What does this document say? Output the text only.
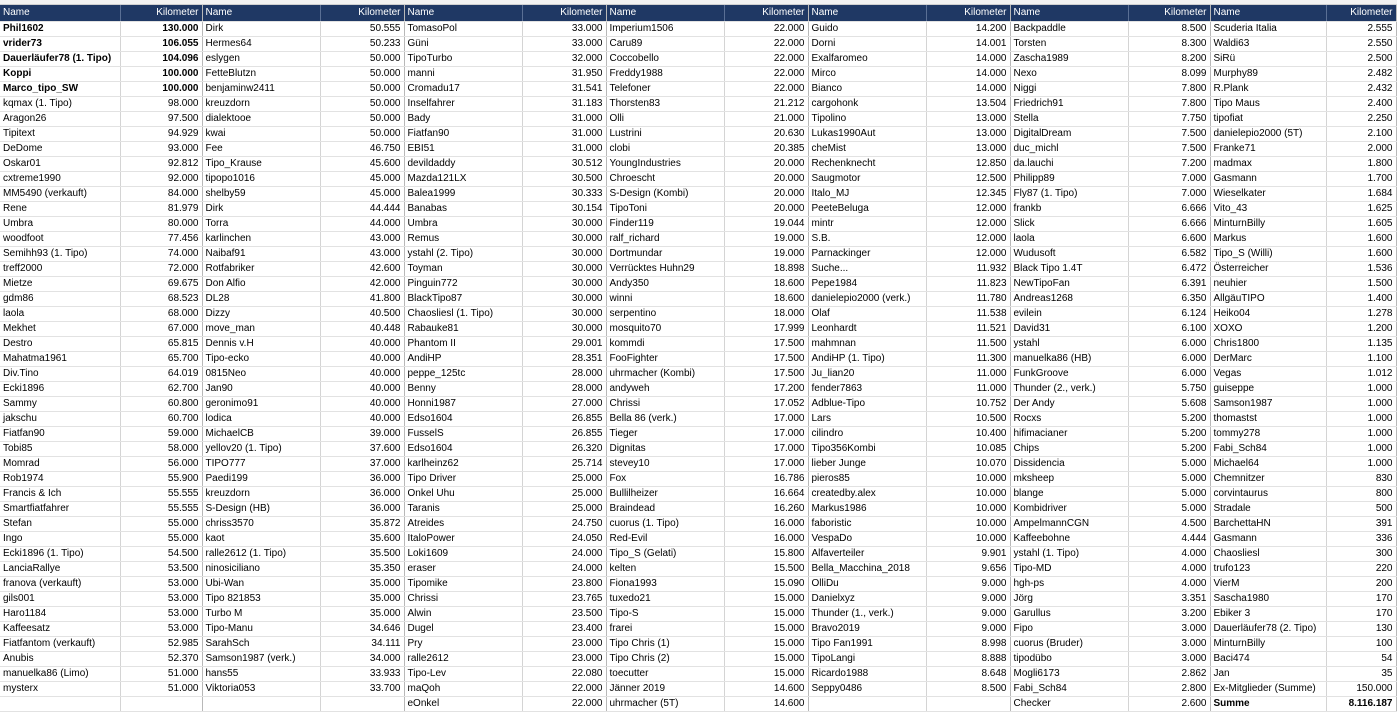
Name	Kilometer	Name	Kilometer	Name	Kilometer	Name	Kilometer	Name	Kilometer	Name	Kilometer	Name	Kilometer
Phil1602	130.000	Dirk	50.555	TomasoPol	33.000	Imperium1506	22.000	Guido	14.200	Backpaddle	8.500	Scuderia Italia	2.555
vrider73	106.055	Hermes64	50.233	Güni	33.000	Caru89	22.000	Dorni	14.001	Torsten	8.300	Waldi63	2.550
Dauerläufer78 (1. Tipo)	104.096	eslygen	50.000	TipoTurbo	32.000	Coccobello	22.000	Exalfaromeo	14.000	Zascha1989	8.200	SiRü	2.500
Koppi	100.000	FetteBlutzn	50.000	manni	31.950	Freddy1988	22.000	Mirco	14.000	Nexo	8.099	Murphy89	2.482
Marco_tipo_SW	100.000	benjaminw2411	50.000	Cromadu17	31.541	Telefoner	22.000	Bianco	14.000	Niggi	7.800	R.Plank	2.432
kqmax (1. Tipo)	98.000	kreuzdorn	50.000	Inselfahrer	31.183	Thorsten83	21.212	cargohonk	13.504	Friedrich91	7.800	Tipo Maus	2.400
Aragon26	97.500	dialektooe	50.000	Bady	31.000	Olli	21.000	Tipolino	13.000	Stella	7.750	tipofiat	2.250
Tipitext	94.929	kwai	50.000	Fiatfan90	31.000	Lustrini	20.630	Lukas1990Aut	13.000	DigitalDream	7.500	danielepio2000 (5T)	2.100
DeDome	93.000	Fee	46.750	EBI51	31.000	clobi	20.385	cheMist	13.000	duc_michl	7.500	Franke71	2.000
Oskar01	92.812	Tipo_Krause	45.600	devildaddy	30.512	YoungIndustries	20.000	Rechenknecht	12.850	da.lauchi	7.200	madmax	1.800
cxtreme1990	92.000	tipopo1016	45.000	Mazda121LX	30.500	Chroescht	20.000	Saugmotor	12.500	Philipp89	7.000	Gasmann	1.700
MM5490 (verkauft)	84.000	shelby59	45.000	Balea1999	30.333	S-Design (Kombi)	20.000	Italo_MJ	12.345	Fly87 (1. Tipo)	7.000	Wieselkater	1.684
Rene	81.979	Dirk	44.444	Banabas	30.154	TipoToni	20.000	PeeteBeluga	12.000	frankb	6.666	Vito_43	1.625
Umbra	80.000	Torra	44.000	Umbra	30.000	Finder119	19.044	mintr	12.000	Slick	6.666	MinturnBilly	1.605
woodfoot	77.456	karlinchen	43.000	Remus	30.000	ralf_richard	19.000	S.B.	12.000	laola	6.600	Markus	1.600
Semihh93 (1. Tipo)	74.000	Naibaf91	43.000	ystahl (2. Tipo)	30.000	Dortmundar	19.000	Parnackinger	12.000	Wudusoft	6.582	Tipo_S (Willi)	1.600
treff2000	72.000	Rotfabriker	42.600	Toyman	30.000	Verrücktes Huhn29	18.898	Suche...	11.932	Black Tipo 1.4T	6.472	Österreicher	1.536
Mietze	69.675	Don Alfio	42.000	Pinguin772	30.000	Andy350	18.600	Pepe1984	11.823	NewTipoFan	6.391	neuhier	1.500
gdm86	68.523	DL28	41.800	BlackTipo87	30.000	winni	18.600	danielepio2000 (verk.)	11.780	Andreas1268	6.350	AllgäuTIPO	1.400
laola	68.000	Dizzy	40.500	Chaosliesl (1. Tipo)	30.000	serpentino	18.000	Olaf	11.538	evilein	6.124	Heiko04	1.278
Mekhet	67.000	move_man	40.448	Rabauke81	30.000	mosquito70	17.999	Leonhardt	11.521	David31	6.100	XOXO	1.200
Destro	65.815	Dennis v.H	40.000	Phantom II	29.001	kommdi	17.500	mahmnan	11.500	ystahl	6.000	Chris1800	1.135
Mahatma1961	65.700	Tipo-ecko	40.000	AndiHP	28.351	FooFighter	17.500	AndiHP (1. Tipo)	11.300	manuelka86 (HB)	6.000	DerMarc	1.100
Div.Tino	64.019	0815Neo	40.000	peppe_125tc	28.000	uhrmacher (Kombi)	17.500	Ju_lian20	11.000	FunkGroove	6.000	Vegas	1.012
Ecki1896	62.700	Jan90	40.000	Benny	28.000	andyweh	17.200	fender7863	11.000	Thunder (2., verk.)	5.750	guiseppe	1.000
Sammy	60.800	geronimo91	40.000	Honni1987	27.000	Chrissi	17.052	Adblue-Tipo	10.752	Der Andy	5.608	Samson1987	1.000
jakschu	60.700	lodica	40.000	Edso1604	26.855	Bella 86 (verk.)	17.000	Lars	10.500	Rocxs	5.200	thomastst	1.000
Fiatfan90	59.000	MichaelCB	39.000	FusselS	26.855	Tieger	17.000	cilindro	10.400	hifimacianer	5.200	tommy278	1.000
Tobi85	58.000	yellov20 (1. Tipo)	37.600	Edso1604	26.320	Dignitas	17.000	Tipo356Kombi	10.085	Chips	5.200	Fabi_Sch84	1.000
Momrad	56.000	TIPO777	37.000	karlheinz62	25.714	stevey10	17.000	lieber Junge	10.070	Dissidencia	5.000	Michael64	1.000
Rob1974	55.900	Paedi199	36.000	Tipo Driver	25.000	Fox	16.786	pieros85	10.000	mksheep	5.000	Chemnitzer	830
Francis & Ich	55.555	kreuzdorn	36.000	Onkel Uhu	25.000	Bullilheizer	16.664	createdby.alex	10.000	blange	5.000	corvintaurus	800
Smartfiatfahrer	55.555	S-Design (HB)	36.000	Taranis	25.000	Braindead	16.260	Markus1986	10.000	Kombidriver	5.000	Stradale	500
Stefan	55.000	chriss3570	35.872	Atreides	24.750	cuorus (1. Tipo)	16.000	faboristic	10.000	AmpelmannCGN	4.500	BarchettaHN	391
Ingo	55.000	kaot	35.600	ItaloPower	24.050	Red-Evil	16.000	VespaDo	10.000	Kaffeebohne	4.444	Gasmann	336
Ecki1896 (1. Tipo)	54.500	ralle2612 (1. Tipo)	35.500	Loki1609	24.000	Tipo_S (Gelati)	15.800	Alfaverteiler	9.901	ystahl (1. Tipo)	4.000	Chaosliesl	300
LanciaRallye	53.500	ninosiciliano	35.350	eraser	24.000	kelten	15.500	Bella_Macchina_2018	9.656	Tipo-MD	4.000	trufo123	220
franova (verkauft)	53.000	Ubi-Wan	35.000	Tipomike	23.800	Fiona1993	15.090	OlliDu	9.000	hgh-ps	4.000	VierM	200
gils001	53.000	Tipo 821853	35.000	Chrissi	23.765	tuxedo21	15.000	Danielxyz	9.000	Jörg	3.351	Sascha1980	170
Haro1184	53.000	Turbo M	35.000	Alwin	23.500	Tipo-S	15.000	Thunder (1., verk.)	9.000	Garullus	3.200	Ebiker 3	170
Kaffeesatz	53.000	Tipo-Manu	34.646	Dugel	23.400	frarei	15.000	Bravo2019	9.000	Fipo	3.000	Dauerläufer78 (2. Tipo)	130
Fiatfantom (verkauft)	52.985	SarahSch	34.111	Pry	23.000	Tipo Chris (1)	15.000	Tipo Fan1991	8.998	cuorus (Bruder)	3.000	MinturnBilly	100
Anubis	52.370	Samson1987 (verk.)	34.000	ralle2612	23.000	Tipo Chris (2)	15.000	TipoLangi	8.888	tipodübo	3.000	Baci474	54
manuelka86 (Limo)	51.000	hans55	33.933	Tipo-Lev	22.080	toecutter	15.000	Ricardo1988	8.648	Mogli6173	2.862	Jan	35
mysterx	51.000	Viktoria053	33.700	maQoh	22.000	Jänner 2019	14.600	Seppy0486	8.500	Fabi_Sch84	2.800	Ex-Mitglieder (Summe)	150.000
				eOnkel	22.000	uhrmacher (5T)	14.600			Checker	2.600	Summe	8.116.187
